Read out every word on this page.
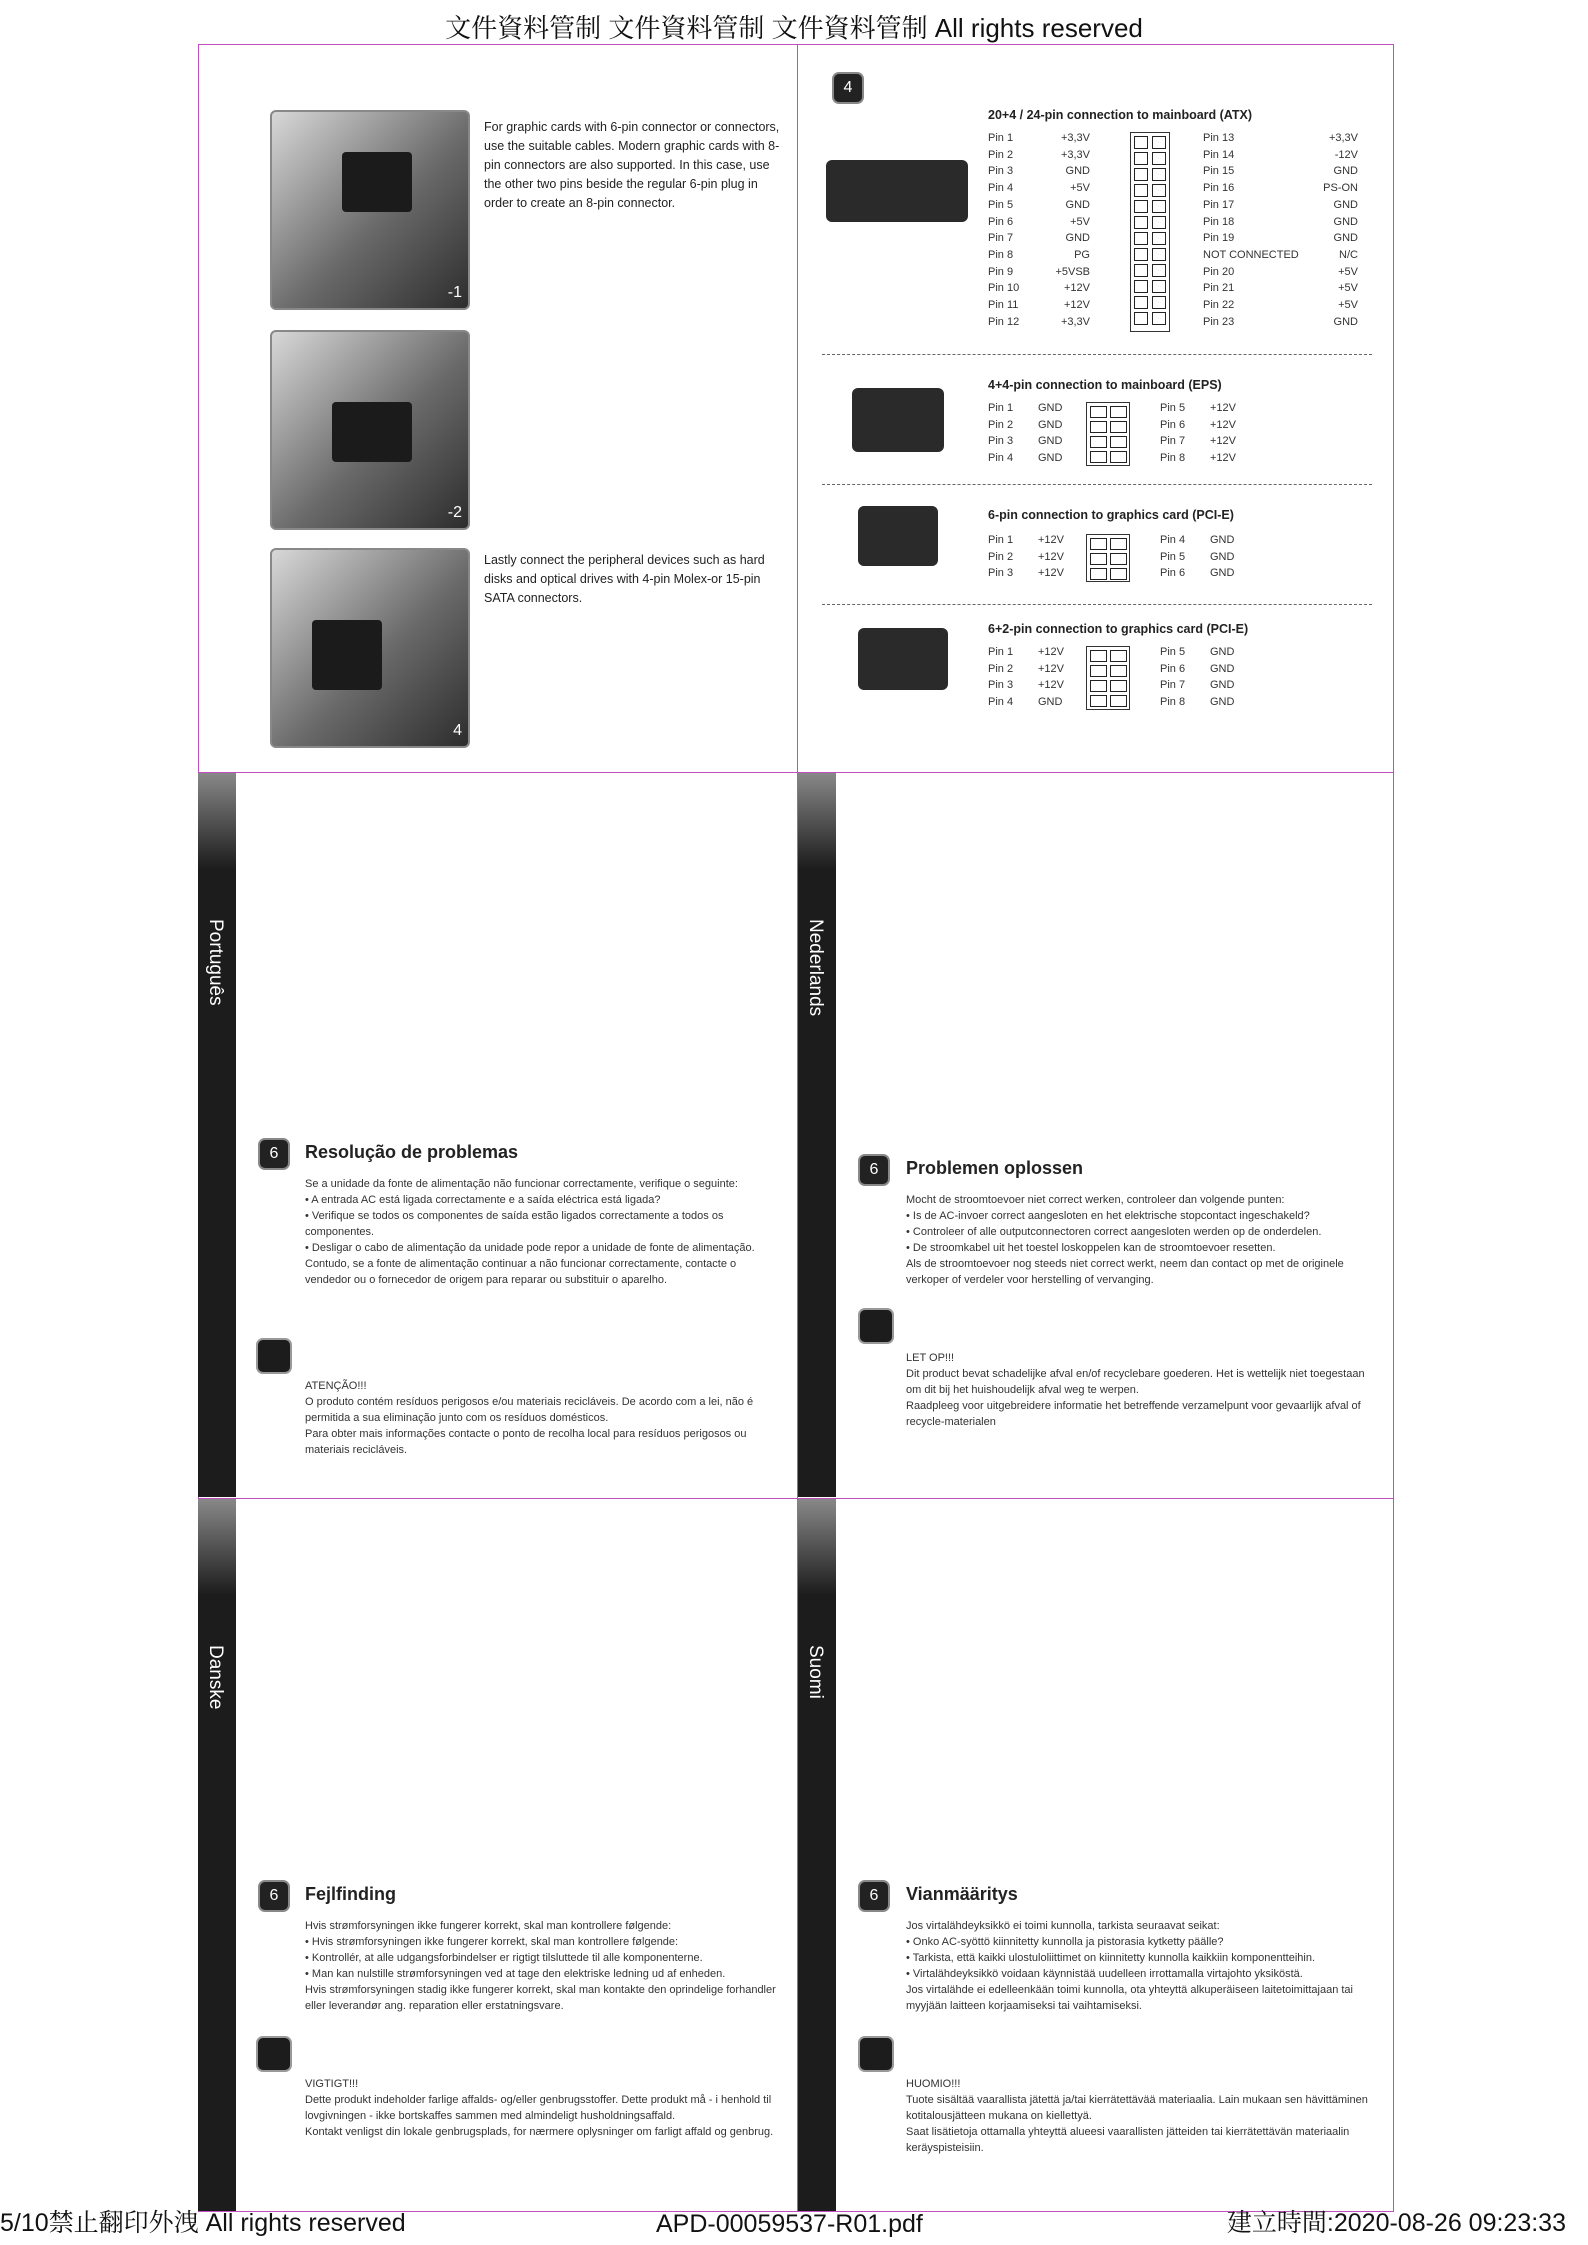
文件資料管制 文件資料管制 文件資料管制 All rights reserved
-1
-2
4
For graphic cards with 6-pin connector or connectors, use the suitable cables. Modern graphic cards with 8-pin connectors are also supported. In this case, use the other two pins beside the regular 6-pin plug in order to create an 8-pin connector.
Lastly connect the peripheral devices such as hard disks and optical drives with 4-pin Molex-or 15-pin SATA connectors.
4
20+4 / 24-pin connection to mainboard (ATX)
Pin 1	+3,3V
Pin 2	+3,3V
Pin 3	GND
Pin 4	+5V
Pin 5	GND
Pin 6	+5V
Pin 7	GND
Pin 8	PG
Pin 9	+5VSB
Pin 10	+12V
Pin 11	+12V
Pin 12	+3,3V
Pin 13	+3,3V
Pin 14	-12V
Pin 15	GND
Pin 16	PS-ON
Pin 17	GND
Pin 18	GND
Pin 19	GND
NOT CONNECTED	N/C
Pin 20	+5V
Pin 21	+5V
Pin 22	+5V
Pin 23	GND
4+4-pin connection to mainboard (EPS)
Pin 1 GND
Pin 2 GND
Pin 3 GND
Pin 4 GND
Pin 5 +12V
Pin 6 +12V
Pin 7 +12V
Pin 8 +12V
6-pin connection to graphics card (PCI-E)
Pin 1 +12V
Pin 2 +12V
Pin 3 +12V
Pin 4 GND
Pin 5 GND
Pin 6 GND
6+2-pin connection to graphics card (PCI-E)
Pin 1 +12V
Pin 2 +12V
Pin 3 +12V
Pin 4 GND
Pin 5 GND
Pin 6 GND
Pin 7 GND
Pin 8 GND
Português
6	Resolução de problemas

Se a unidade da fonte de alimentação não funcionar correctamente, verifique o seguinte:

• A entrada AC está ligada correctamente e a saída eléctrica está ligada?

• Verifique se todos os componentes de saída estão ligados correctamente a todos os componentes.

• Desligar o cabo de alimentação da unidade pode repor a unidade de fonte de alimentação.

Contudo, se a fonte de alimentação continuar a não funcionar correctamente, contacte o vendedor ou o fornecedor de origem para reparar ou substituir o aparelho.

ATENÇÃO!!!

O produto contém resíduos perigosos e/ou materiais recicláveis. De acordo com a lei, não é permitida a sua eliminação junto com os resíduos domésticos.

Para obter mais informações contacte o ponto de recolha local para resíduos perigosos ou materiais recicláveis.

Nederlands
6	Problemen oplossen

Mocht de stroomtoevoer niet correct werken, controleer dan volgende punten:

• Is de AC-invoer correct aangesloten en het elektrische stopcontact ingeschakeld?

• Controleer of alle outputconnectoren correct aangesloten werden op de onderdelen.

• De stroomkabel uit het toestel loskoppelen kan de stroomtoevoer resetten.

Als de stroomtoevoer nog steeds niet correct werkt, neem dan contact op met de originele verkoper of verdeler voor herstelling of vervanging.

LET OP!!!

Dit product bevat schadelijke afval en/of recyclebare goederen. Het is wettelijk niet toegestaan om dit bij het huishoudelijk afval weg te werpen.

Raadpleeg voor uitgebreidere informatie het betreffende verzamelpunt voor gevaarlijk afval of recycle-materialen

Danske
6	Fejlfinding

Hvis strømforsyningen ikke fungerer korrekt, skal man kontrollere følgende:

• Hvis strømforsyningen ikke fungerer korrekt, skal man kontrollere følgende:

• Kontrollér, at alle udgangsforbindelser er rigtigt tilsluttede til alle komponenterne.

• Man kan nulstille strømforsyningen ved at tage den elektriske ledning ud af enheden.

Hvis strømforsyningen stadig ikke fungerer korrekt, skal man kontakte den oprindelige forhandler eller leverandør ang. reparation eller erstatningsvare.

VIGTIGT!!!

Dette produkt indeholder farlige affalds- og/eller genbrugsstoffer. Dette produkt må - i henhold til lovgivningen - ikke bortskaffes sammen med almindeligt husholdningsaffald.

Kontakt venligst din lokale genbrugsplads, for nærmere oplysninger om farligt affald og genbrug.

Suomi
6	Vianmääritys

Jos virtalähdeyksikkö ei toimi kunnolla, tarkista seuraavat seikat:

• Onko AC-syöttö kiinnitetty kunnolla ja pistorasia kytketty päälle?

• Tarkista, että kaikki ulostuloliittimet on kiinnitetty kunnolla kaikkiin komponentteihin.

• Virtalähdeyksikkö voidaan käynnistää uudelleen irrottamalla virtajohto yksiköstä.

Jos virtalähde ei edelleenkään toimi kunnolla, ota yhteyttä alkuperäiseen laitetoimittajaan tai myyjään laitteen korjaamiseksi tai vaihtamiseksi.

HUOMIO!!!

Tuote sisältää vaarallista jätettä ja/tai kierrätettävää materiaalia. Lain mukaan sen hävittäminen kotitalousjätteen mukana on kiellettyä.

Saat lisätietoja ottamalla yhteyttä alueesi vaarallisten jätteiden tai kierrätettävän materiaalin keräyspisteisiin.

5/10禁止翻印外洩 All rights reserved	APD-00059537-R01.pdf	建立時間:2020-08-26 09:23:33
